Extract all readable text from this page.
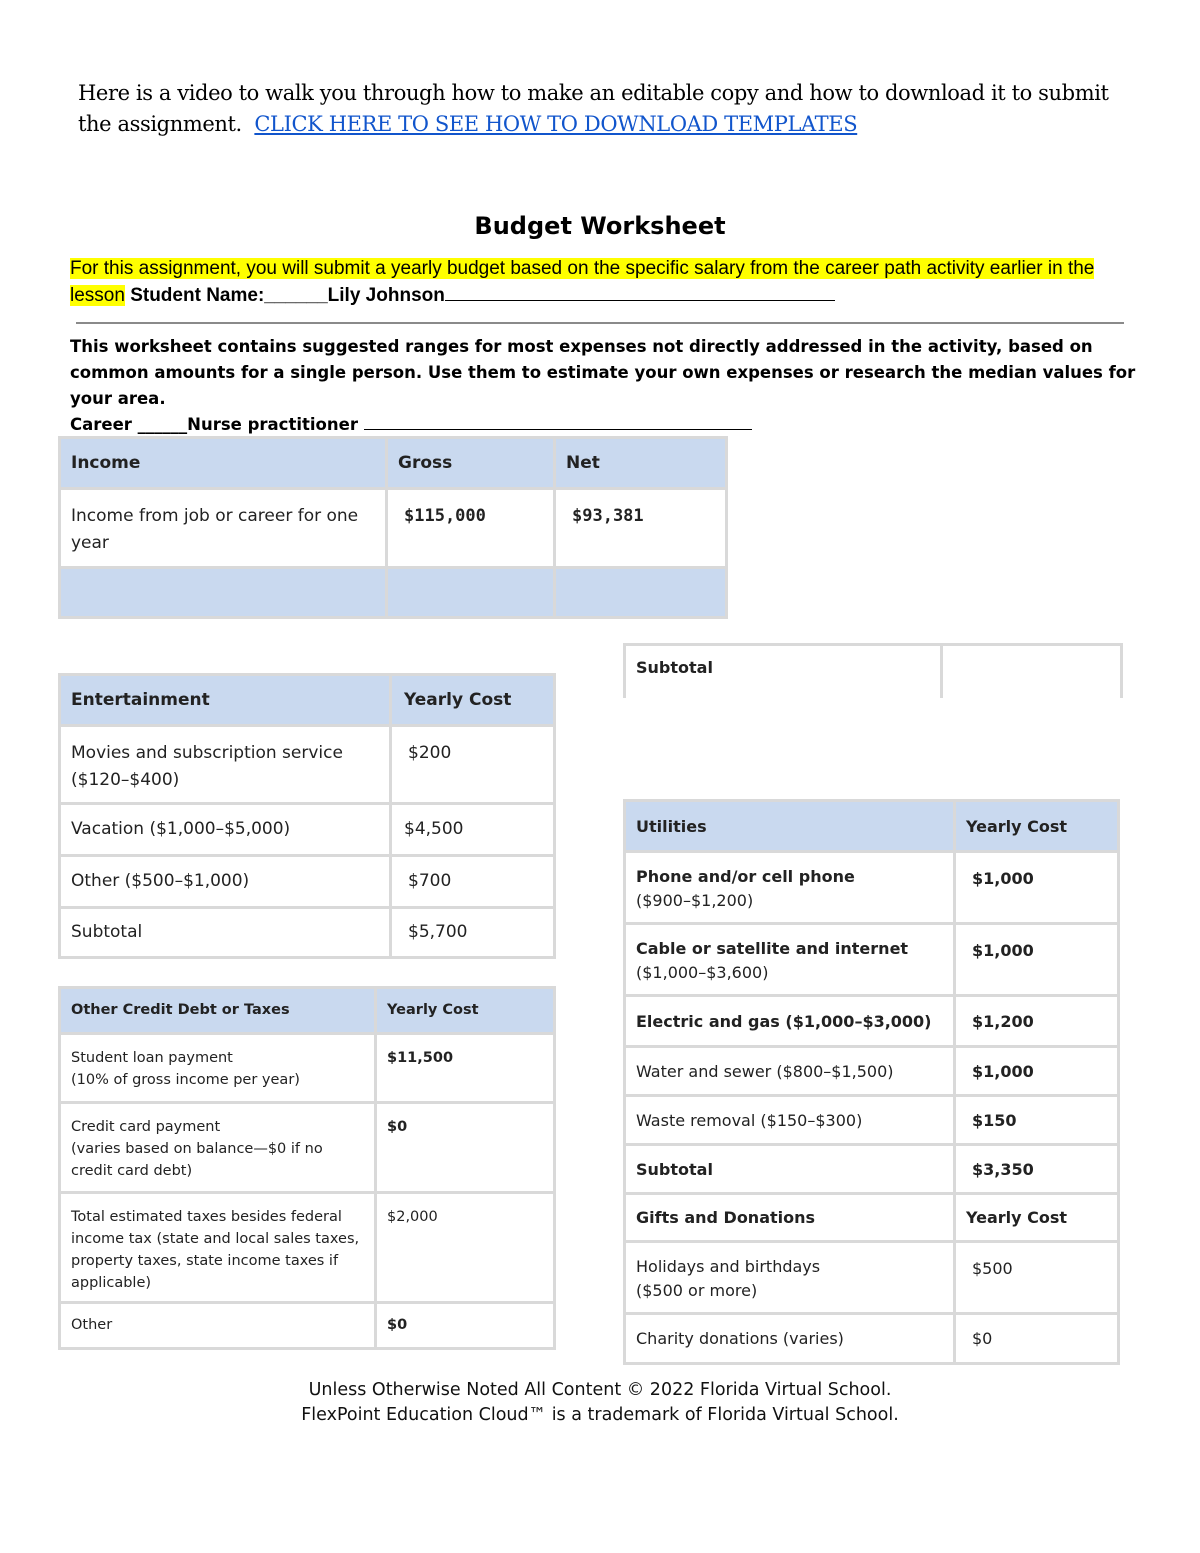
Here is a video to walk you through how to make an editable copy and how to download it to submit the assignment. CLICK HERE TO SEE HOW TO DOWNLOAD TEMPLATES
Budget Worksheet
For this assignment, you will submit a yearly budget based on the specific salary from the career path activity earlier in the lesson Student Name:______Lily Johnson
This worksheet contains suggested ranges for most expenses not directly addressed in the activity, based on common amounts for a single person. Use them to estimate your own expenses or research the median values for your area.
Career ______Nurse practitioner
Income	Gross	Net
Income from job or career for one year	$115,000	$93,381

Subtotal
Entertainment	Yearly Cost
Movies and subscription service ($120–$400)	$200
Vacation ($1,000–$5,000)	$4,500
Other ($500–$1,000)	$700
Subtotal	$5,700
Other Credit Debt or Taxes	Yearly Cost

Student loan payment
(10% of gross income per year)	$11,500

Credit card payment
(varies based on balance—$0 if no credit card debt)	$0
Total estimated taxes besides federal income tax (state and local sales taxes, property taxes, state income taxes if applicable)	$2,000
Other	$0
Utilities	Yearly Cost

Phone and/or cell phone
($900–$1,200)	$1,000

Cable or satellite and internet
($1,000–$3,600)	$1,000
Electric and gas ($1,000–$3,000)	$1,200
Water and sewer ($800–$1,500)	$1,000
Waste removal ($150–$300)	$150
Subtotal	$3,350
Gifts and Donations	Yearly Cost

Holidays and birthdays
($500 or more)	$500
Charity donations (varies)	$0
Unless Otherwise Noted All Content © 2022 Florida Virtual School.
FlexPoint Education Cloud™ is a trademark of Florida Virtual School.
